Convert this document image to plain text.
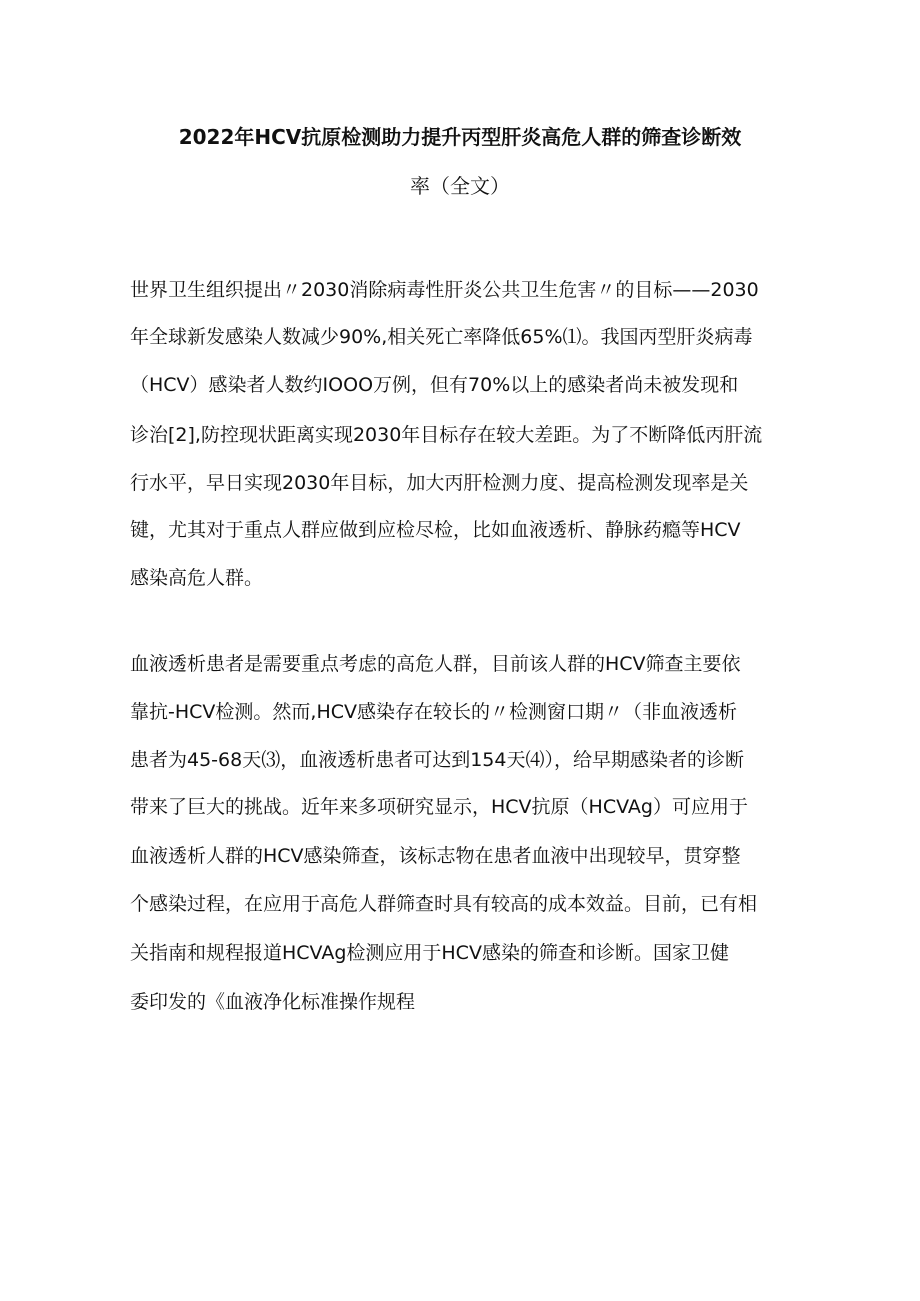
2022年HCV抗原检测助力提升丙型肝炎高危人群的筛查诊断效
率（全文）

世界卫生组织提出〃2030消除病毒性肝炎公共卫生危害〃的目标——2030

年全球新发感染人数减少90%,相关死亡率降低65%⑴。我国丙型肝炎病毒

（HCV）感染者人数约IOOO万例，但有70%以上的感染者尚未被发现和

诊治[2],防控现状距离实现2030年目标存在较大差距。为了不断降低丙肝流

行水平，早日实现2030年目标，加大丙肝检测力度、提高检测发现率是关

键，尤其对于重点人群应做到应检尽检，比如血液透析、静脉药瘾等HCV

感染高危人群。

血液透析患者是需要重点考虑的高危人群，目前该人群的HCV筛查主要依

靠抗-HCV检测。然而,HCV感染存在较长的〃检测窗口期〃（非血液透析

患者为45-68天⑶，血液透析患者可达到154天⑷），给早期感染者的诊断

带来了巨大的挑战。近年来多项研究显示，HCV抗原（HCVAg）可应用于

血液透析人群的HCV感染筛查，该标志物在患者血液中出现较早，贯穿整

个感染过程，在应用于高危人群筛查时具有较高的成本效益。目前，已有相

关指南和规程报道HCVAg检测应用于HCV感染的筛查和诊断。国家卫健

委印发的《血液净化标准操作规程
